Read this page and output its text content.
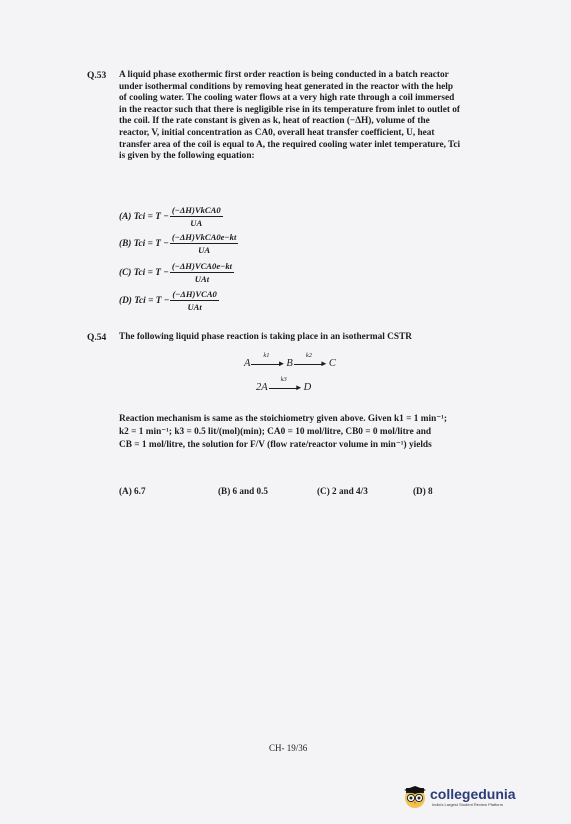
Q.53 A liquid phase exothermic first order reaction is being conducted in a batch reactor
under isothermal conditions by removing heat generated in the reactor with the help
of cooling water. The cooling water flows at a very high rate through a coil immersed
in the reactor such that there is negligible rise in its temperature from inlet to outlet of
the coil. If the rate constant is given as k, heat of reaction (−ΔH), volume of the
reactor, V, initial concentration as CA0, overall heat transfer coefficient, U, heat
transfer area of the coil is equal to A, the required cooling water inlet temperature, Tci
is given by the following equation:
(A) Tci = $T - \frac{\text{(−ΔH)VkCA0}}{UA}$
(B) Tci = $T - \frac{\text{(−ΔH)VkCA0e−kt}}{UA}$
(C) Tci = $T - \frac{\text{(−ΔH)VCA0e−kt}}{\text{UAt}}$
(D) Tci = $T - \frac{\text{(−ΔH)VCA0}}{\text{UAt}}$
Q.54 The following liquid phase reaction is taking place in an isothermal CSTR
A
k1
► B
k2
► C
2A
k3
► D
Reaction mechanism is same as the stoichiometry given above. Given k1 = 1 min⁻¹;
k2 = 1 min⁻¹; k3 = 0.5 lit/(mol)(min); CA0 = 10 mol/litre, CB0 = 0 mol/litre and
CB = 1 mol/litre, the solution for F/V (flow rate/reactor volume in min⁻¹) yields
(A) 6.7	(B) 6 and 0.5	(C) 2 and 4/3	(D) 8
CH- 19/36
collegedunia
India's Largest Student Review Platform
